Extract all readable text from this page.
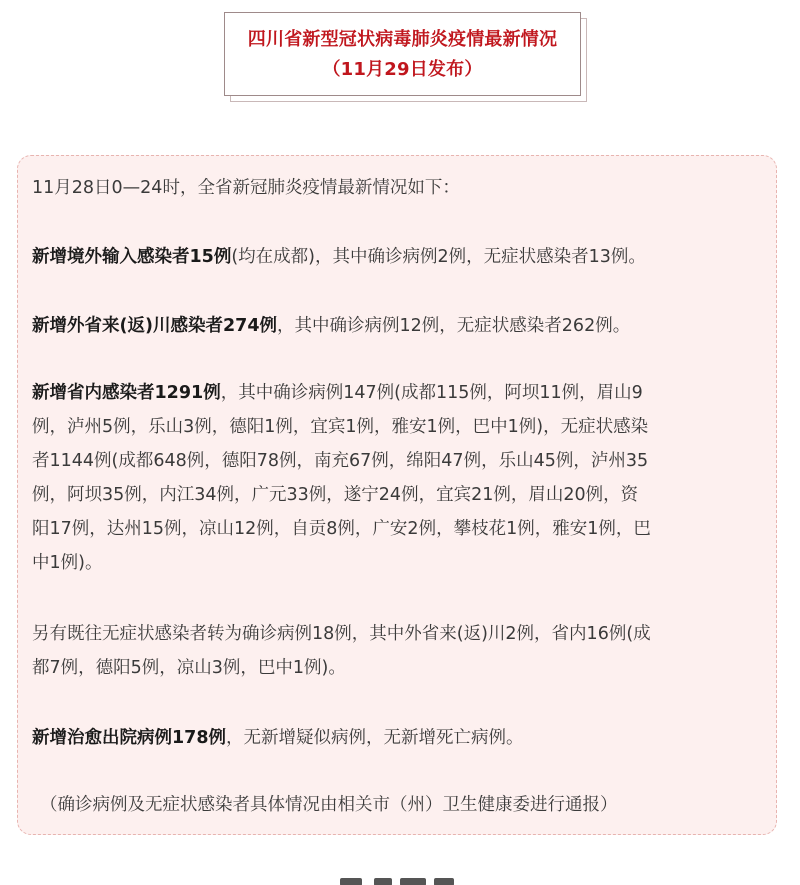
四川省新型冠状病毒肺炎疫情最新情况
（11月29日发布）
11月28日0—24时，全省新冠肺炎疫情最新情况如下：
新增境外输入感染者15例(均在成都)，其中确诊病例2例，无症状感染者13例。
新增外省来(返)川感染者274例，其中确诊病例12例，无症状感染者262例。
新增省内感染者1291例，其中确诊病例147例(成都115例，阿坝11例，眉山9
例，泸州5例，乐山3例，德阳1例，宜宾1例，雅安1例，巴中1例)，无症状感染
者1144例(成都648例，德阳78例，南充67例，绵阳47例，乐山45例，泸州35
例，阿坝35例，内江34例，广元33例，遂宁24例，宜宾21例，眉山20例，资
阳17例，达州15例，凉山12例，自贡8例，广安2例，攀枝花1例，雅安1例，巴
中1例)。
另有既往无症状感染者转为确诊病例18例，其中外省来(返)川2例，省内16例(成
都7例，德阳5例，凉山3例，巴中1例)。
新增治愈出院病例178例，无新增疑似病例，无新增死亡病例。
（确诊病例及无症状感染者具体情况由相关市（州）卫生健康委进行通报）
